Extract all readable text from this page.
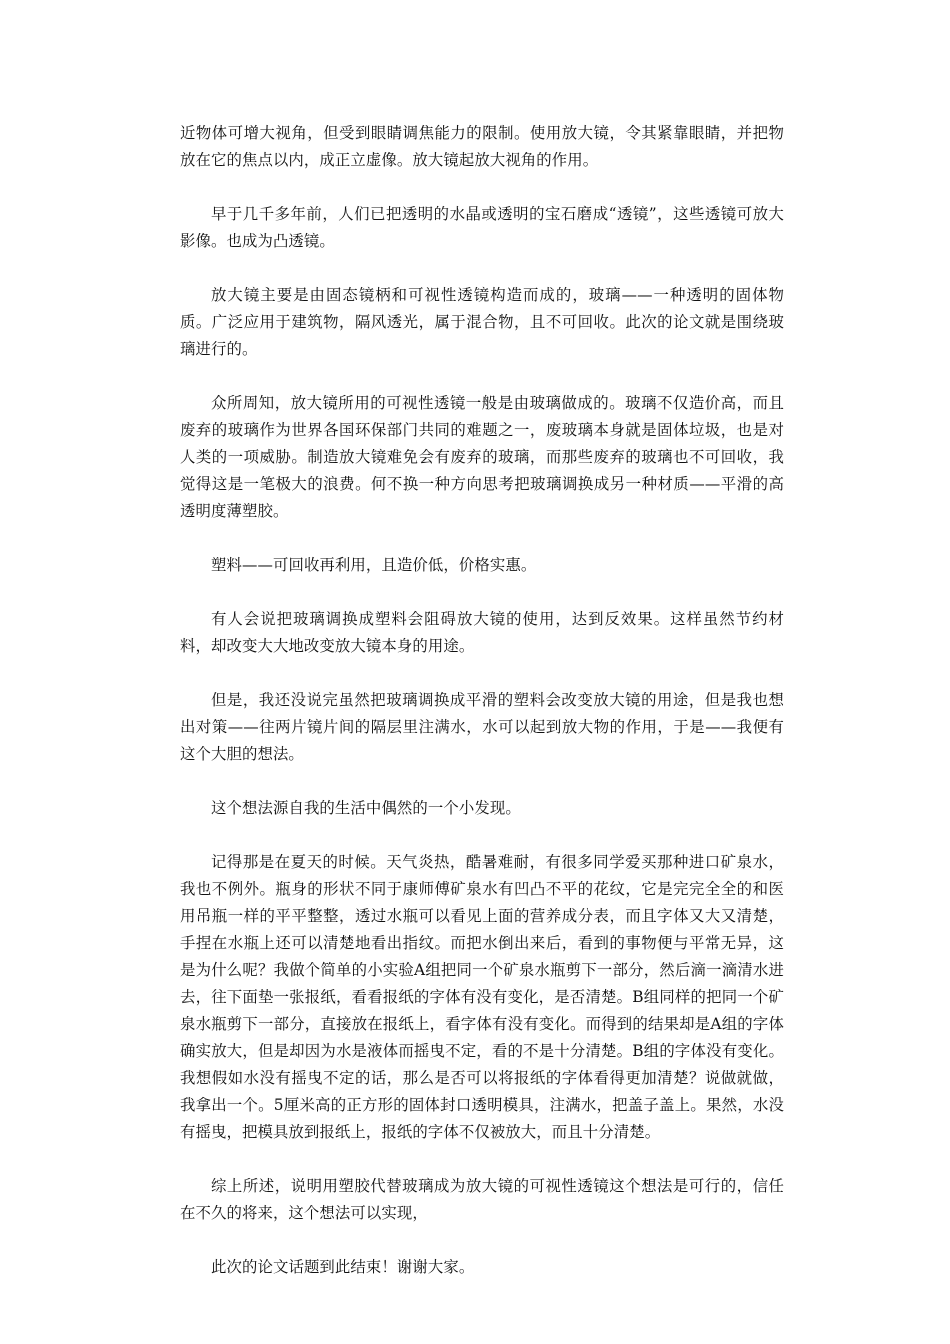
近物体可增大视角，但受到眼睛调焦能力的限制。使用放大镜，令其紧靠眼睛，并把物放在它的焦点以内，成正立虚像。放大镜起放大视角的作用。

早于几千多年前，人们已把透明的水晶或透明的宝石磨成“透镜”，这些透镜可放大影像。也成为凸透镜。

放大镜主要是由固态镜柄和可视性透镜构造而成的，玻璃——一种透明的固体物质。广泛应用于建筑物，隔风透光，属于混合物，且不可回收。此次的论文就是围绕玻璃进行的。

众所周知，放大镜所用的可视性透镜一般是由玻璃做成的。玻璃不仅造价高，而且废弃的玻璃作为世界各国环保部门共同的难题之一，废玻璃本身就是固体垃圾，也是对人类的一项威胁。制造放大镜难免会有废弃的玻璃，而那些废弃的玻璃也不可回收，我觉得这是一笔极大的浪费。何不换一种方向思考把玻璃调换成另一种材质——平滑的高透明度薄塑胶。

塑料——可回收再利用，且造价低，价格实惠。

有人会说把玻璃调换成塑料会阻碍放大镜的使用，达到反效果。这样虽然节约材料，却改变大大地改变放大镜本身的用途。

但是，我还没说完虽然把玻璃调换成平滑的塑料会改变放大镜的用途，但是我也想出对策——往两片镜片间的隔层里注满水，水可以起到放大物的作用，于是——我便有这个大胆的想法。

这个想法源自我的生活中偶然的一个小发现。

记得那是在夏天的时候。天气炎热，酷暑难耐，有很多同学爱买那种进口矿泉水，我也不例外。瓶身的形状不同于康师傅矿泉水有凹凸不平的花纹，它是完完全全的和医用吊瓶一样的平平整整，透过水瓶可以看见上面的营养成分表，而且字体又大又清楚，手捏在水瓶上还可以清楚地看出指纹。而把水倒出来后，看到的事物便与平常无异，这是为什么呢？我做个简单的小实验A组把同一个矿泉水瓶剪下一部分，然后滴一滴清水进去，往下面垫一张报纸，看看报纸的字体有没有变化，是否清楚。B组同样的把同一个矿泉水瓶剪下一部分，直接放在报纸上，看字体有没有变化。而得到的结果却是A组的字体确实放大，但是却因为水是液体而摇曳不定，看的不是十分清楚。B组的字体没有变化。我想假如水没有摇曳不定的话，那么是否可以将报纸的字体看得更加清楚？说做就做，我拿出一个。5厘米高的正方形的固体封口透明模具，注满水，把盖子盖上。果然，水没有摇曳，把模具放到报纸上，报纸的字体不仅被放大，而且十分清楚。

综上所述，说明用塑胶代替玻璃成为放大镜的可视性透镜这个想法是可行的，信任在不久的将来，这个想法可以实现，

此次的论文话题到此结束！谢谢大家。
